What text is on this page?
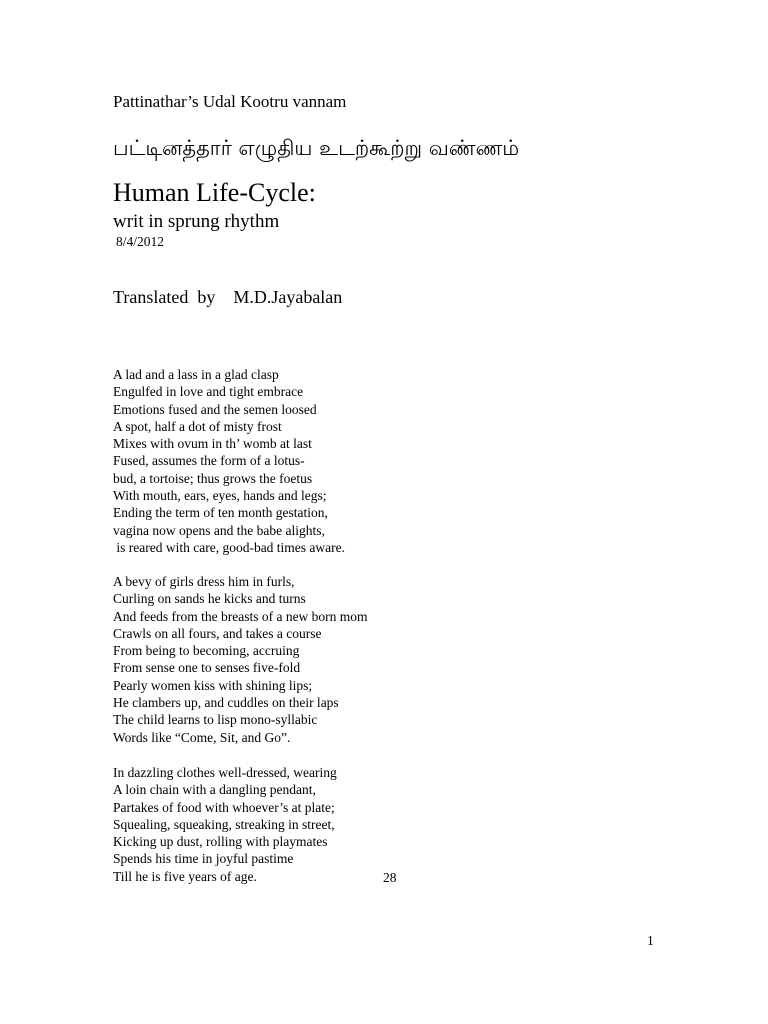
Pattinathar’s Udal Kootru vannam
பட்டினத்தார் எழுதிய உடற்கூற்று வண்ணம்
Human Life-Cycle:
writ in sprung rhythm
8/4/2012
Translated  by    M.D.Jayabalan
A lad and a lass in a glad clasp
Engulfed in love and tight embrace
Emotions fused and the semen loosed
A spot, half a dot of misty frost
Mixes with ovum in th’ womb at last
Fused, assumes the form of a lotus-
bud, a tortoise; thus grows the foetus
With mouth, ears, eyes, hands and legs;
Ending the term of ten month gestation,
vagina now opens and the babe alights,
is reared with care, good-bad times aware.
A bevy of girls dress him in furls,
Curling on sands he kicks and turns
And feeds from the breasts of a new born mom
Crawls on all fours, and takes a course
From being to becoming, accruing
From sense one to senses five-fold
Pearly women kiss with shining lips;
He clambers up, and cuddles on their laps
The child learns to lisp mono-syllabic
Words like “Come, Sit, and Go”.
In dazzling clothes well-dressed, wearing
A loin chain with a dangling pendant,
Partakes of food with whoever’s at plate;
Squealing, squeaking, streaking in street,
Kicking up dust, rolling with playmates
Spends his time in joyful pastime
Till he is five years of age.	28
1
